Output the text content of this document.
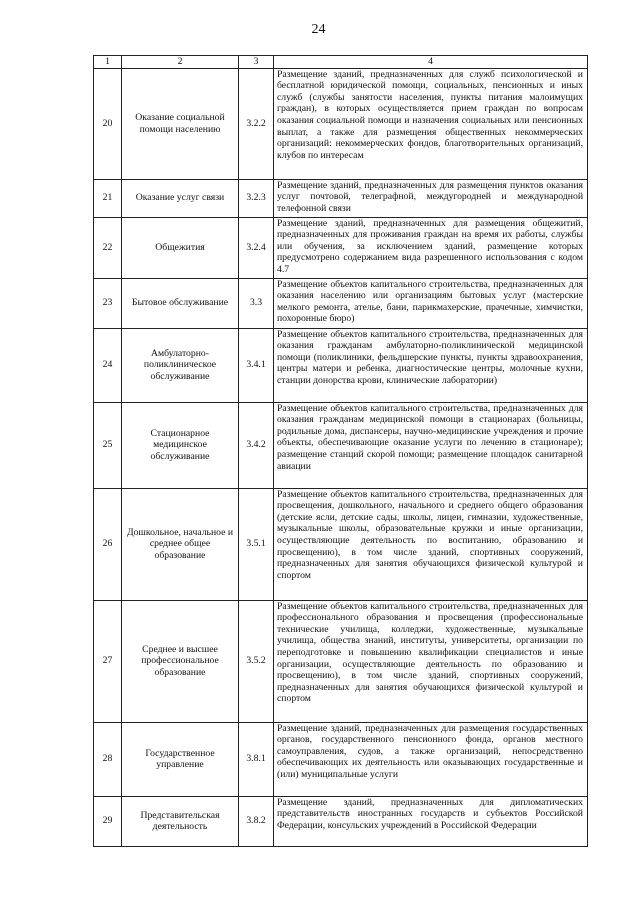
24
1	2	3	4
20	Оказание социальной помощи населению	3.2.2	Размещение зданий, предназначенных для служб психологической и бесплатной юридической помощи, социальных, пенсионных и иных служб (службы занятости населения, пункты питания малоимущих граждан), в которых осуществляется прием граждан по вопросам оказания социальной помощи и назначения социальных или пенсионных выплат, а также для размещения общественных некоммерческих организаций: некоммерческих фондов, благотворительных организаций, клубов по интересам
21	Оказание услуг связи	3.2.3	Размещение зданий, предназначенных для размещения пунктов оказания услуг почтовой, телеграфной, междугородней и международной телефонной связи
22	Общежития	3.2.4	Размещение зданий, предназначенных для размещения общежитий, предназначенных для проживания граждан на время их работы, службы или обучения, за исключением зданий, размещение которых предусмотрено содержанием вида разрешенного использования с кодом 4.7
23	Бытовое обслуживание	3.3	Размещение объектов капитального строительства, предназначенных для оказания населению или организациям бытовых услуг (мастерские мелкого ремонта, ателье, бани, парикмахерские, прачечные, химчистки, похоронные бюро)
24	Амбулаторно-поликлиническое обслуживание	3.4.1	Размещение объектов капитального строительства, предназначенных для оказания гражданам амбулаторно-поликлинической медицинской помощи (поликлиники, фельдшерские пункты, пункты здравоохранения, центры матери и ребенка, диагностические центры, молочные кухни, станции донорства крови, клинические лаборатории)
25	Стационарное медицинское обслуживание	3.4.2	Размещение объектов капитального строительства, предназначенных для оказания гражданам медицинской помощи в стационарах (больницы, родильные дома, диспансеры, научно-медицинские учреждения и прочие объекты, обеспечивающие оказание услуги по лечению в стационаре); размещение станций скорой помощи; размещение площадок санитарной авиации
26	Дошкольное, начальное и среднее общее образование	3.5.1	Размещение объектов капитального строительства, предназначенных для просвещения, дошкольного, начального и среднего общего образования (детские ясли, детские сады, школы, лицеи, гимназии, художественные, музыкальные школы, образовательные кружки и иные организации, осуществляющие деятельность по воспитанию, образованию и просвещению), в том числе зданий, спортивных сооружений, предназначенных для занятия обучающихся физической культурой и спортом
27	Среднее и высшее профессиональное образование	3.5.2	Размещение объектов капитального строительства, предназначенных для профессионального образования и просвещения (профессиональные технические училища, колледжи, художественные, музыкальные училища, общества знаний, институты, университеты, организации по переподготовке и повышению квалификации специалистов и иные организации, осуществляющие деятельность по образованию и просвещению), в том числе зданий, спортивных сооружений, предназначенных для занятия обучающихся физической культурой и спортом
28	Государственное управление	3.8.1	Размещение зданий, предназначенных для размещения государственных органов, государственного пенсионного фонда, органов местного самоуправления, судов, а также организаций, непосредственно обеспечивающих их деятельность или оказывающих государственные и (или) муниципальные услуги
29	Представительская деятельность	3.8.2	Размещение зданий, предназначенных для дипломатических представительств иностранных государств и субъектов Российской Федерации, консульских учреждений в Российской Федерации
